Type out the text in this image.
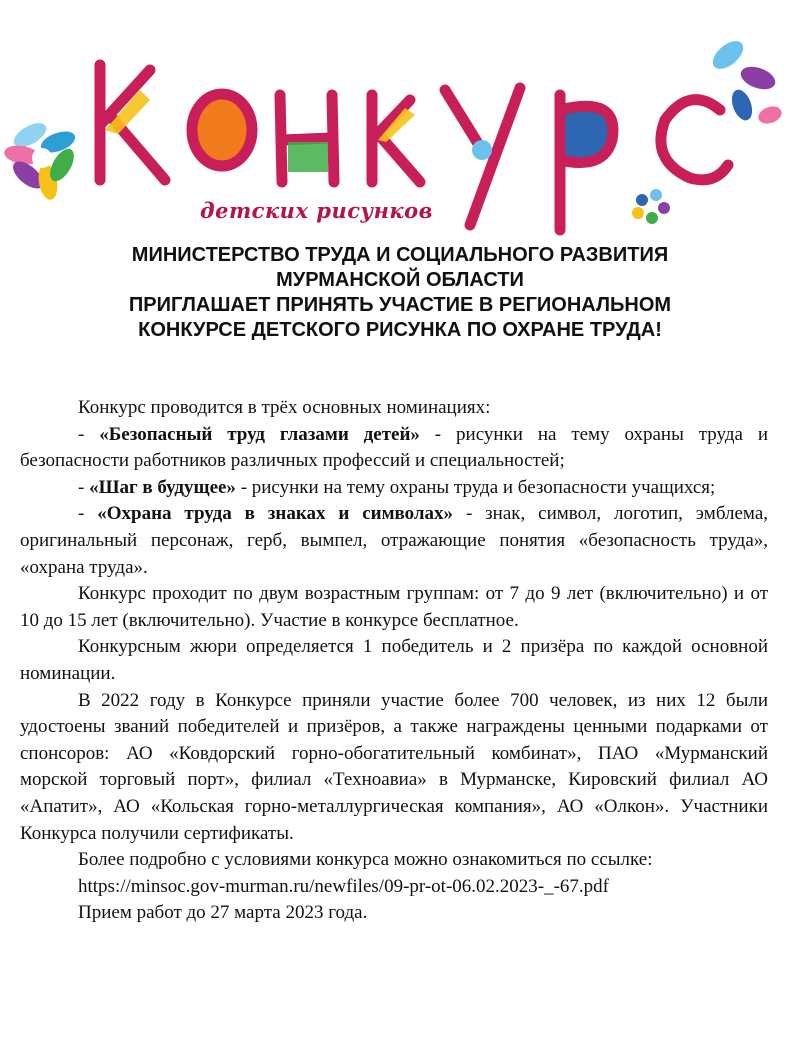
детских рисунков
МИНИСТЕРСТВО ТРУДА И СОЦИАЛЬНОГО РАЗВИТИЯ
МУРМАНСКОЙ ОБЛАСТИ
ПРИГЛАШАЕТ ПРИНЯТЬ УЧАСТИЕ В РЕГИОНАЛЬНОМ
КОНКУРСЕ ДЕТСКОГО РИСУНКА ПО ОХРАНЕ ТРУДА!

Конкурс проводится в трёх основных номинациях:

- «Безопасный труд глазами детей» - рисунки на тему охраны труда и безопасности работников различных профессий и специальностей;

- «Шаг в будущее» - рисунки на тему охраны труда и безопасности учащихся;

- «Охрана труда в знаках и символах» - знак, символ, логотип, эмблема, оригинальный персонаж, герб, вымпел, отражающие понятия «безопасность труда», «охрана труда».

Конкурс проходит по двум возрастным группам: от 7 до 9 лет (включительно) и от 10 до 15 лет (включительно). Участие в конкурсе бесплатное.

Конкурсным жюри определяется 1 победитель и 2 призёра по каждой основной номинации.

В 2022 году в Конкурсе приняли участие более 700 человек, из них 12 были удостоены званий победителей и призёров, а также награждены ценными подарками от спонсоров: АО «Ковдорский горно-обогатительный комбинат», ПАО «Мурманский морской торговый порт», филиал «Техноавиа» в Мурманске, Кировский филиал АО «Апатит», АО «Кольская горно-металлургическая компания», АО «Олкон». Участники Конкурса получили сертификаты.

Более подробно с условиями конкурса можно ознакомиться по ссылке:

https://minsoc.gov-murman.ru/newfiles/09-pr-ot-06.02.2023-_-67.pdf

Прием работ до 27 марта 2023 года.
